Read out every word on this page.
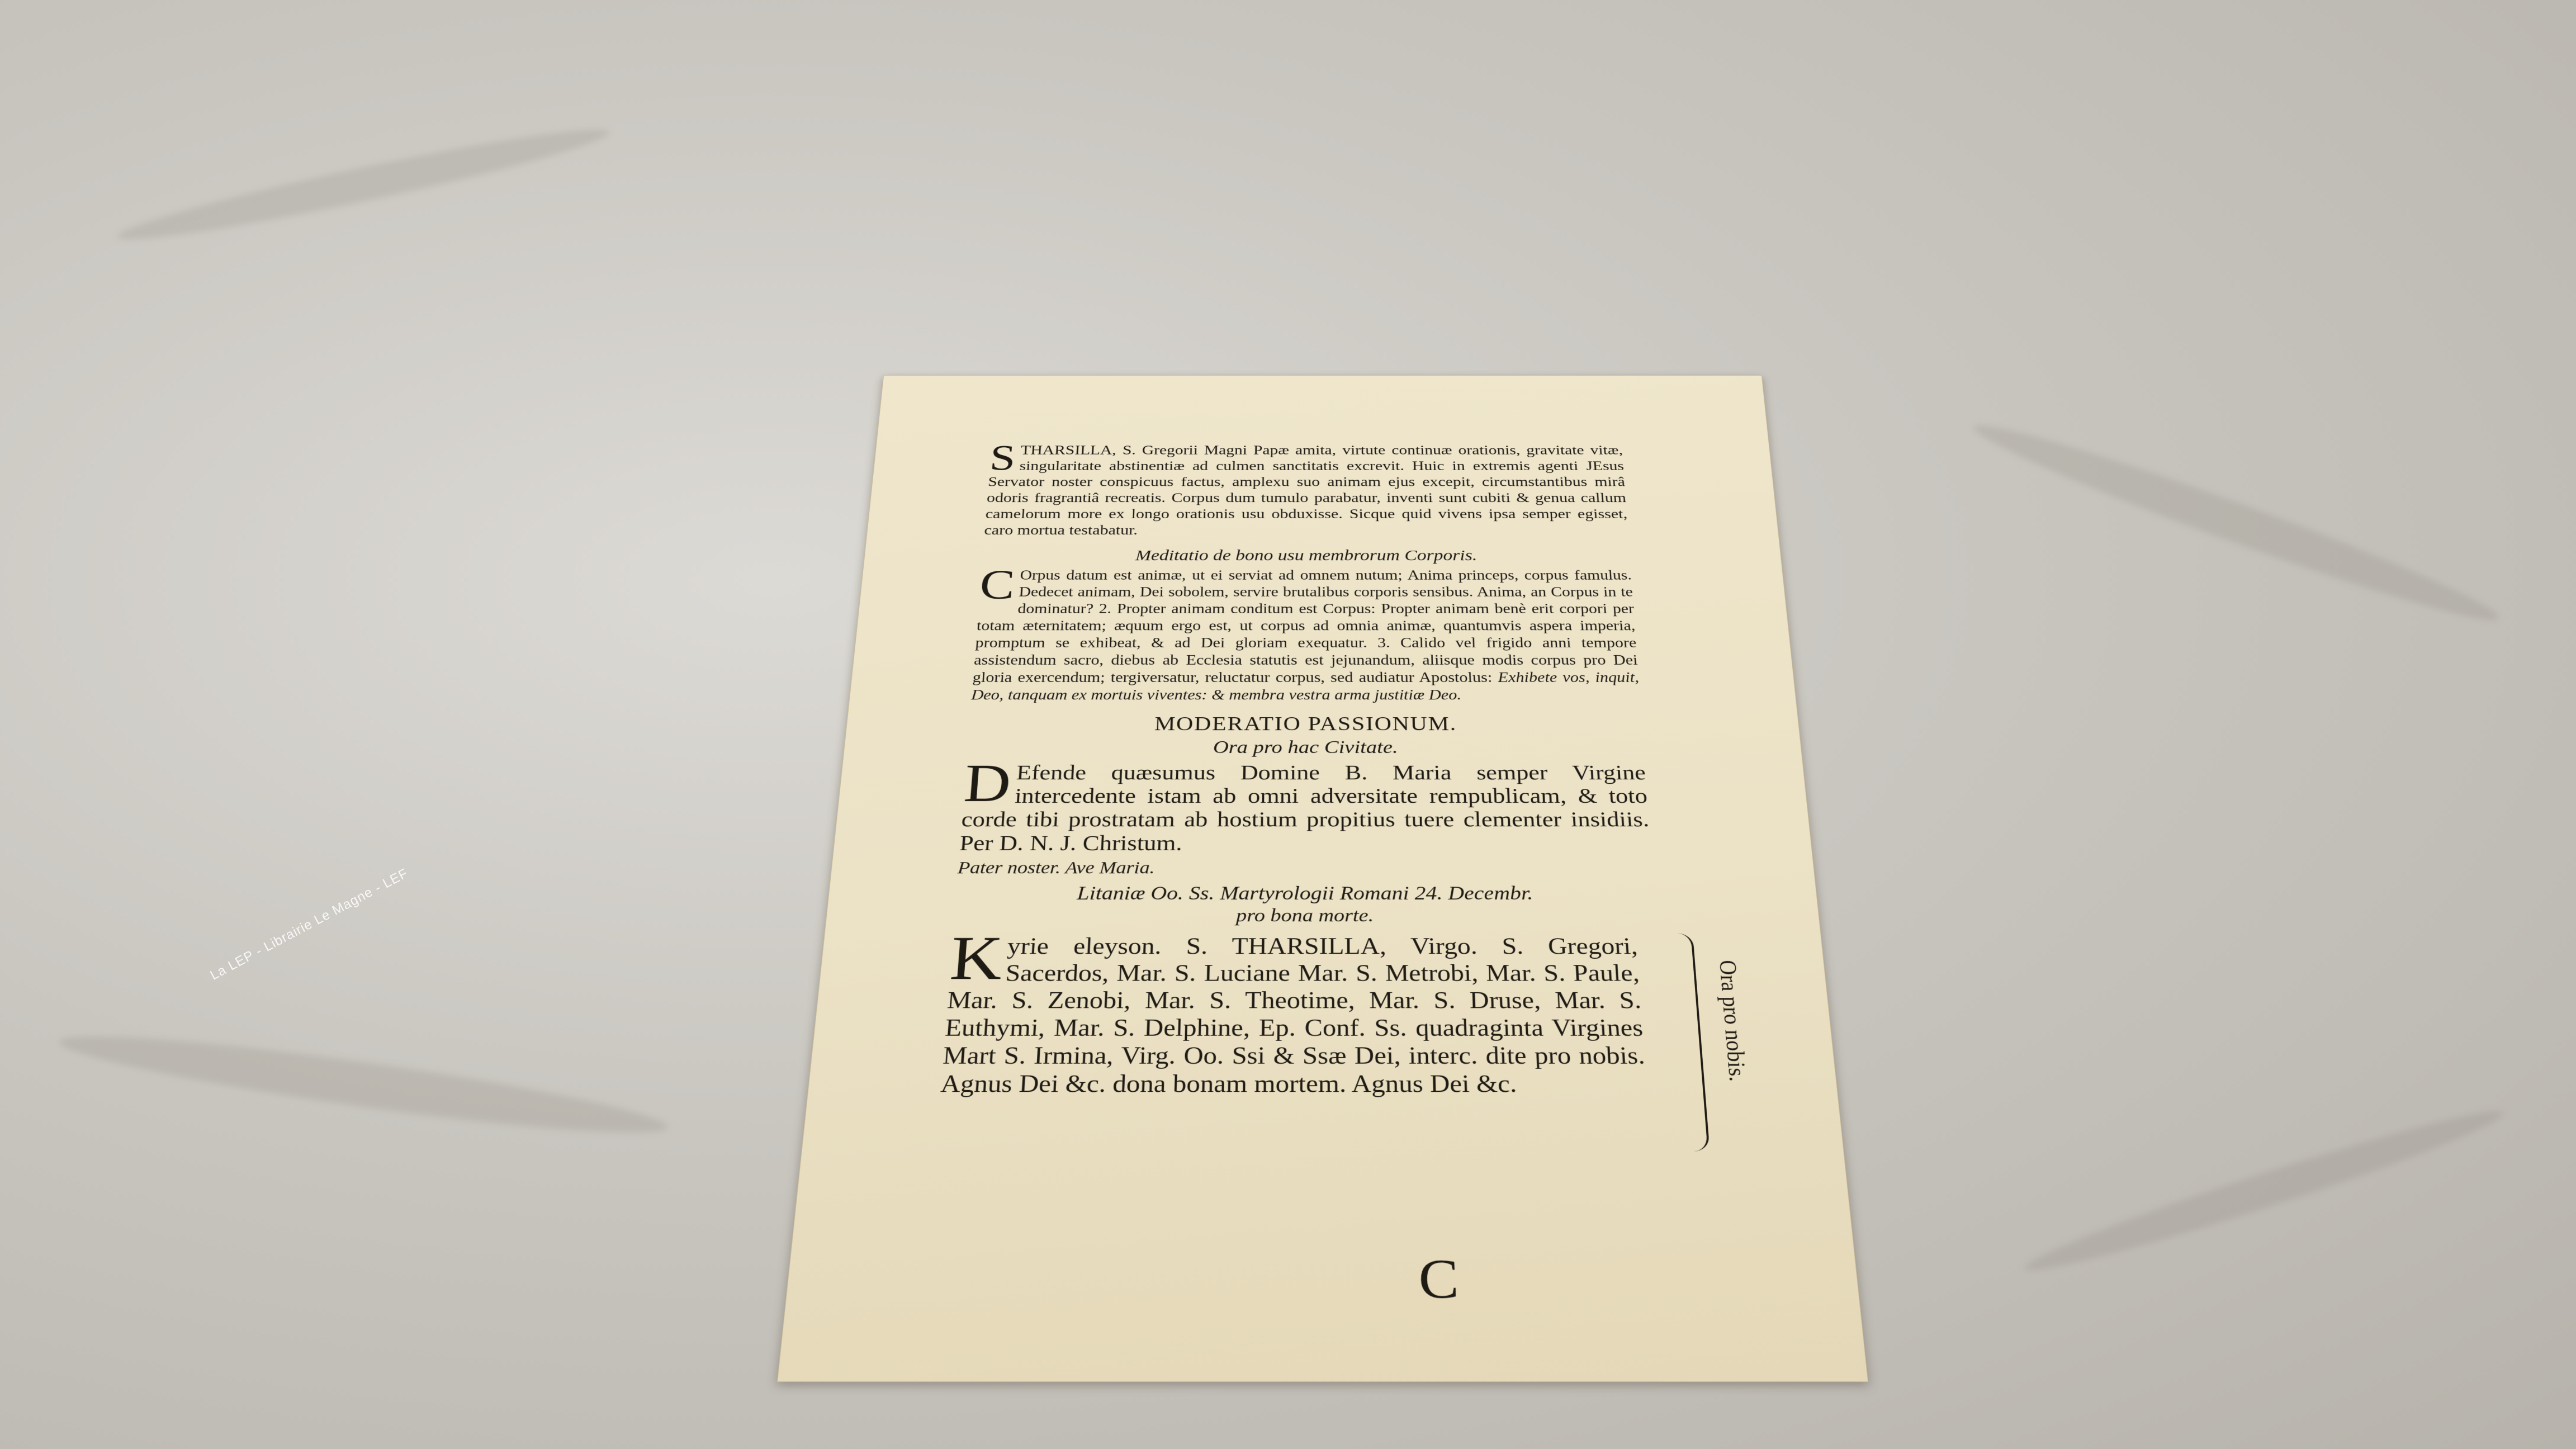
La LEP - Librairie Le Magne - LEF
S THARSILLA, S. Gregorii Magni Papæ amita, virtute continuæ orationis, gravitate vitæ, singularitate abstinentiæ ad culmen sanctitatis excrevit. Huic in extremis agenti JEsus Servator noster conspicuus factus, amplexu suo animam ejus excepit, circumstantibus mirâ odoris fragrantiâ recreatis. Corpus dum tumulo parabatur, inventi sunt cubiti & genua callum camelorum more ex longo orationis usu obduxisse. Sicque quid vivens ipsa semper egisset, caro mortua testabatur.
Meditatio de bono usu membrorum Corporis.
C Orpus datum est animæ, ut ei serviat ad omnem nutum; Anima princeps, corpus famulus. Dedecet animam, Dei sobolem, servire brutalibus corporis sensibus. Anima, an Corpus in te dominatur? 2. Propter animam conditum est Corpus: Propter animam benè erit corpori per totam æternitatem; æquum ergo est, ut corpus ad omnia animæ, quantumvis aspera imperia, promptum se exhibeat, & ad Dei gloriam exequatur. 3. Calido vel frigido anni tempore assistendum sacro, diebus ab Ecclesia statutis est jejunandum, aliisque modis corpus pro Dei gloria exercendum; tergiversatur, reluctatur corpus, sed audiatur Apostolus: Exhibete vos, inquit, Deo, tanquam ex mortuis viventes: & membra vestra arma justitiæ Deo.
MODERATIO PASSIONUM.
Ora pro hac Civitate.
D Efende quæsumus Domine B. Maria semper Virgine intercedente istam ab omni adversitate rempublicam, & toto corde tibi prostratam ab hostium propitius tuere clementer insidiis. Per D. N. J. Christum.
Pater noster. Ave Maria.
Litaniæ Oo. Ss. Martyrologii Romani 24. Decembr.
pro bona morte.
K yrie eleyson. S. THARSILLA, Virgo. S. Gregori, Sacerdos, Mar. S. Luciane Mar. S. Metrobi, Mar. S. Paule, Mar. S. Zenobi, Mar. S. Theotime, Mar. S. Druse, Mar. S. Euthymi, Mar. S. Delphine, Ep. Conf. Ss. quadraginta Virgines Mart S. Irmina, Virg. Oo. Ssi & Ssæ Dei, interc. dite pro nobis. Agnus Dei &c. dona bonam mortem. Agnus Dei &c.
Ora pro nobis.
C
